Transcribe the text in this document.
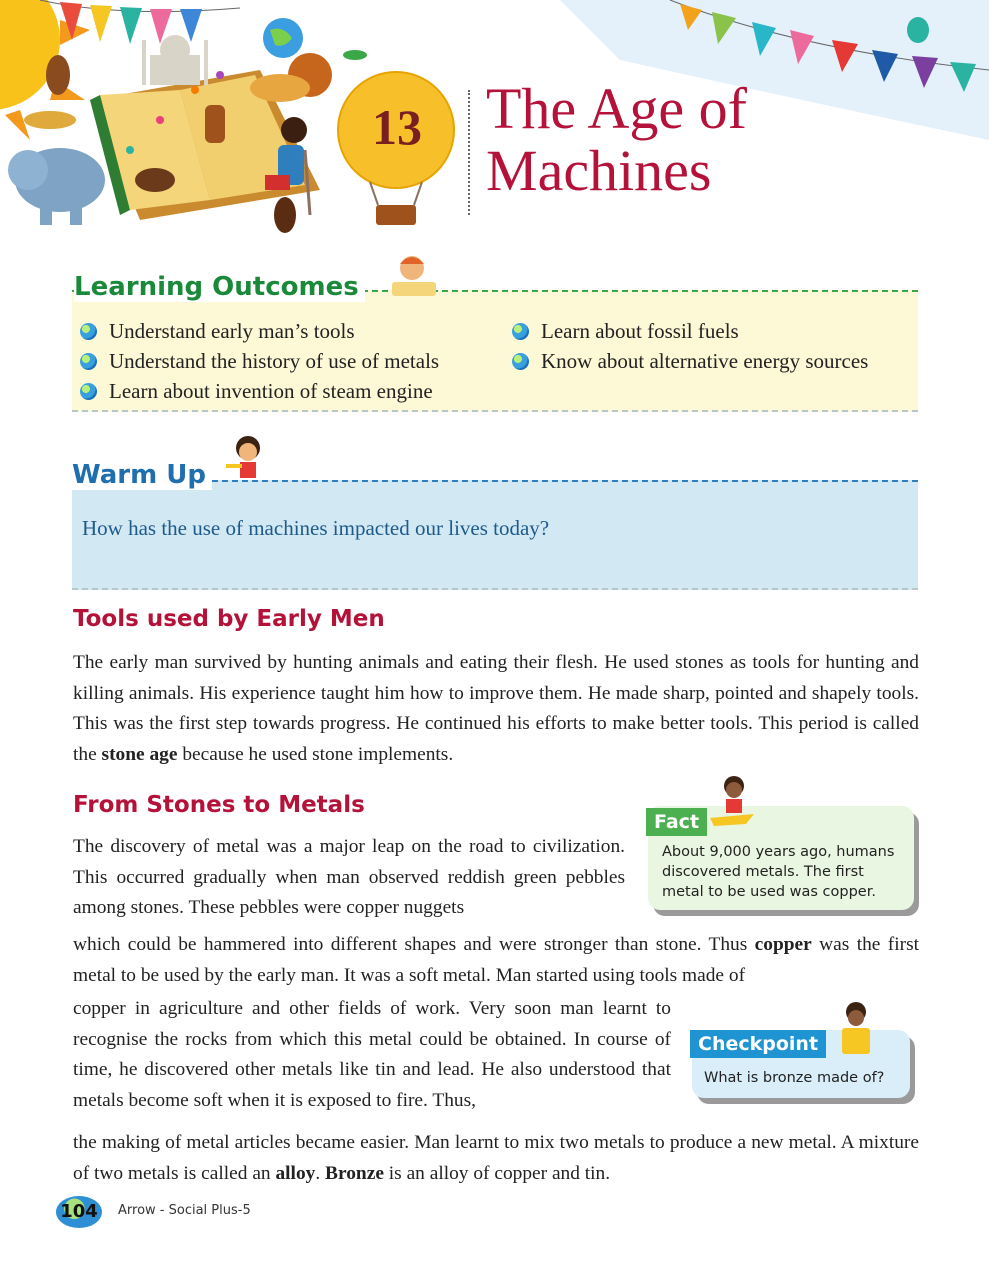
13	The Age of
Machines
Understand early man’s tools
Understand the history of use of metals
Learn about invention of steam engine
Learn about fossil fuels
Know about alternative energy sources
Learning Outcomes

How has the use of machines impacted our lives today?

Warm Up
Tools used by Early Men

The early man survived by hunting animals and eating their flesh. He used stones as tools for hunting and killing animals. His experience taught him how to improve them. He made sharp, pointed and shapely tools. This was the first step towards progress. He continued his efforts to make better tools. This period is called the stone age because he used stone implements.

From Stones to Metals

The discovery of metal was a major leap on the road to civilization. This occurred gradually when man observed reddish green pebbles among stones. These pebbles were copper nuggets

which could be hammered into different shapes and were stronger than stone. Thus copper was the first metal to be used by the early man. It was a soft metal. Man started using tools made of

copper in agriculture and other fields of work. Very soon man learnt to recognise the rocks from which this metal could be obtained. In course of time, he discovered other metals like tin and lead. He also understood that metals become soft when it is exposed to fire. Thus,

the making of metal articles became easier. Man learnt to mix two metals to produce a new metal. A mixture of two metals is called an alloy. Bronze is an alloy of copper and tin.

Fact

About 9,000 years ago, humans discovered metals. The first metal to be used was copper.

Checkpoint

What is bronze made of?

104	Arrow - Social Plus-5
